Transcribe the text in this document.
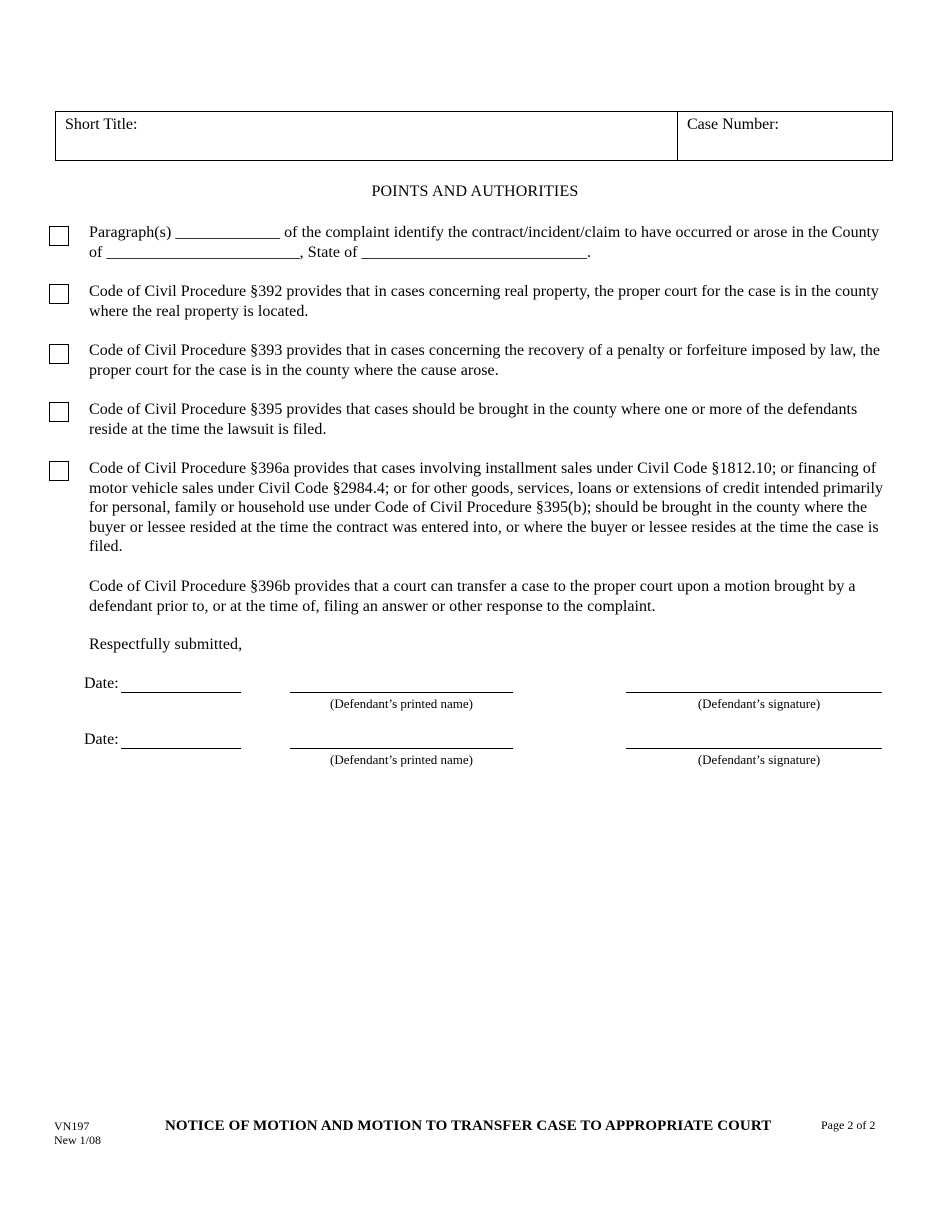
Short Title:	Case Number:
POINTS AND AUTHORITIES
Paragraph(s) _____________ of the complaint identify the contract/incident/claim to have occurred or arose in the County of ________________________, State of ____________________________.
Code of Civil Procedure §392 provides that in cases concerning real property, the proper court for the case is in the county where the real property is located.
Code of Civil Procedure §393 provides that in cases concerning the recovery of a penalty or forfeiture imposed by law, the proper court for the case is in the county where the cause arose.
Code of Civil Procedure §395 provides that cases should be brought in the county where one or more of the defendants reside at the time the lawsuit is filed.
Code of Civil Procedure §396a provides that cases involving installment sales under Civil Code §1812.10; or financing of motor vehicle sales under Civil Code §2984.4; or for other goods, services, loans or extensions of credit intended primarily for personal, family or household use under Code of Civil Procedure §395(b); should be brought in the county where the buyer or lessee resided at the time the contract was entered into, or where the buyer or lessee resides at the time the case is filed.
Code of Civil Procedure §396b provides that a court can transfer a case to the proper court upon a motion brought by a defendant prior to, or at the time of, filing an answer or other response to the complaint.
Respectfully submitted,
Date:
(Defendant’s printed name)	(Defendant’s signature)
Date:
(Defendant’s printed name)	(Defendant’s signature)
VN197
New 1/08
NOTICE OF MOTION AND MOTION TO TRANSFER CASE TO APPROPRIATE COURT	Page 2 of 2
